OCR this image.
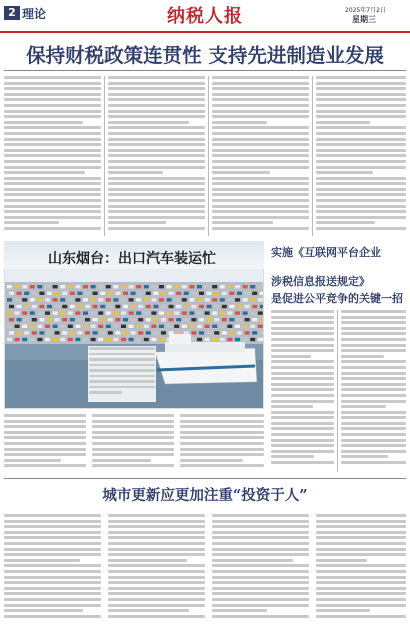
2 理论	纳税人报	2025年7月2日
星期三
保持财税政策连贯性 支持先进制造业发展
山东烟台：出口汽车装运忙	实施《互联网平台企业
涉税信息报送规定》
是促进公平竞争的关键一招
城市更新应更加注重“投资于人”
